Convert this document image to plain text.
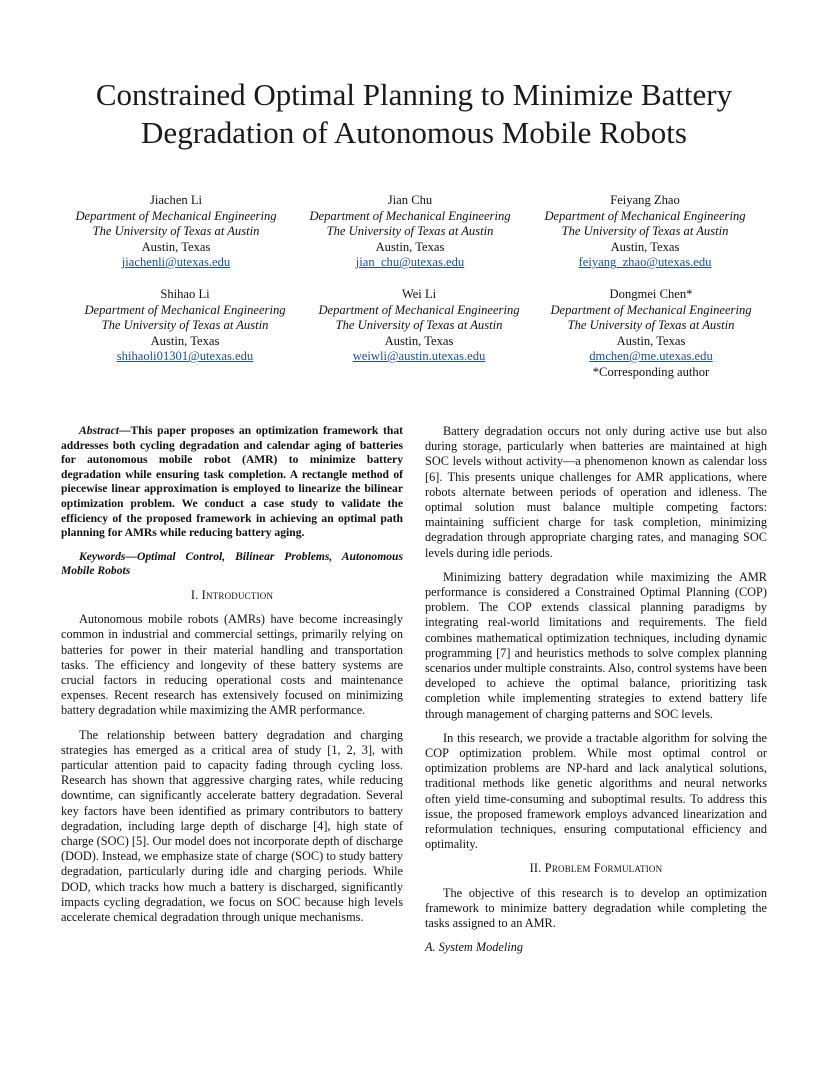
Constrained Optimal Planning to Minimize Battery
Degradation of Autonomous Mobile Robots
Jiachen Li
Department of Mechanical Engineering
The University of Texas at Austin
Austin, Texas
jiachenli@utexas.edu
Jian Chu
Department of Mechanical Engineering
The University of Texas at Austin
Austin, Texas
jian_chu@utexas.edu
Feiyang Zhao
Department of Mechanical Engineering
The University of Texas at Austin
Austin, Texas
feiyang_zhao@utexas.edu
Shihao Li
Department of Mechanical Engineering
The University of Texas at Austin
Austin, Texas
shihaoli01301@utexas.edu
Wei Li
Department of Mechanical Engineering
The University of Texas at Austin
Austin, Texas
weiwli@austin.utexas.edu
Dongmei Chen*
Department of Mechanical Engineering
The University of Texas at Austin
Austin, Texas
dmchen@me.utexas.edu
*Corresponding author

Abstract—This paper proposes an optimization framework that addresses both cycling degradation and calendar aging of batteries for autonomous mobile robot (AMR) to minimize battery degradation while ensuring task completion. A rectangle method of piecewise linear approximation is employed to linearize the bilinear optimization problem. We conduct a case study to validate the efficiency of the proposed framework in achieving an optimal path planning for AMRs while reducing battery aging.

Keywords—Optimal Control, Bilinear Problems, Autonomous Mobile Robots

I. Introduction

Autonomous mobile robots (AMRs) have become increasingly common in industrial and commercial settings, primarily relying on batteries for power in their material handling and transportation tasks. The efficiency and longevity of these battery systems are crucial factors in reducing operational costs and maintenance expenses. Recent research has extensively focused on minimizing battery degradation while maximizing the AMR performance.

The relationship between battery degradation and charging strategies has emerged as a critical area of study [1, 2, 3], with particular attention paid to capacity fading through cycling loss. Research has shown that aggressive charging rates, while reducing downtime, can significantly accelerate battery degradation. Several key factors have been identified as primary contributors to battery degradation, including large depth of discharge [4], high state of charge (SOC) [5]. Our model does not incorporate depth of discharge (DOD). Instead, we emphasize state of charge (SOC) to study battery degradation, particularly during idle and charging periods. While DOD, which tracks how much a battery is discharged, significantly impacts cycling degradation, we focus on SOC because high levels accelerate chemical degradation through unique mechanisms.

Battery degradation occurs not only during active use but also during storage, particularly when batteries are maintained at high SOC levels without activity—a phenomenon known as calendar loss [6]. This presents unique challenges for AMR applications, where robots alternate between periods of operation and idleness. The optimal solution must balance multiple competing factors: maintaining sufficient charge for task completion, minimizing degradation through appropriate charging rates, and managing SOC levels during idle periods.

Minimizing battery degradation while maximizing the AMR performance is considered a Constrained Optimal Planning (COP) problem. The COP extends classical planning paradigms by integrating real-world limitations and requirements. The field combines mathematical optimization techniques, including dynamic programming [7] and heuristics methods to solve complex planning scenarios under multiple constraints. Also, control systems have been developed to achieve the optimal balance, prioritizing task completion while implementing strategies to extend battery life through management of charging patterns and SOC levels.

In this research, we provide a tractable algorithm for solving the COP optimization problem. While most optimal control or optimization problems are NP-hard and lack analytical solutions, traditional methods like genetic algorithms and neural networks often yield time-consuming and suboptimal results. To address this issue, the proposed framework employs advanced linearization and reformulation techniques, ensuring computational efficiency and optimality.

II. Problem Formulation

The objective of this research is to develop an optimization framework to minimize battery degradation while completing the tasks assigned to an AMR.

A. System Modeling
